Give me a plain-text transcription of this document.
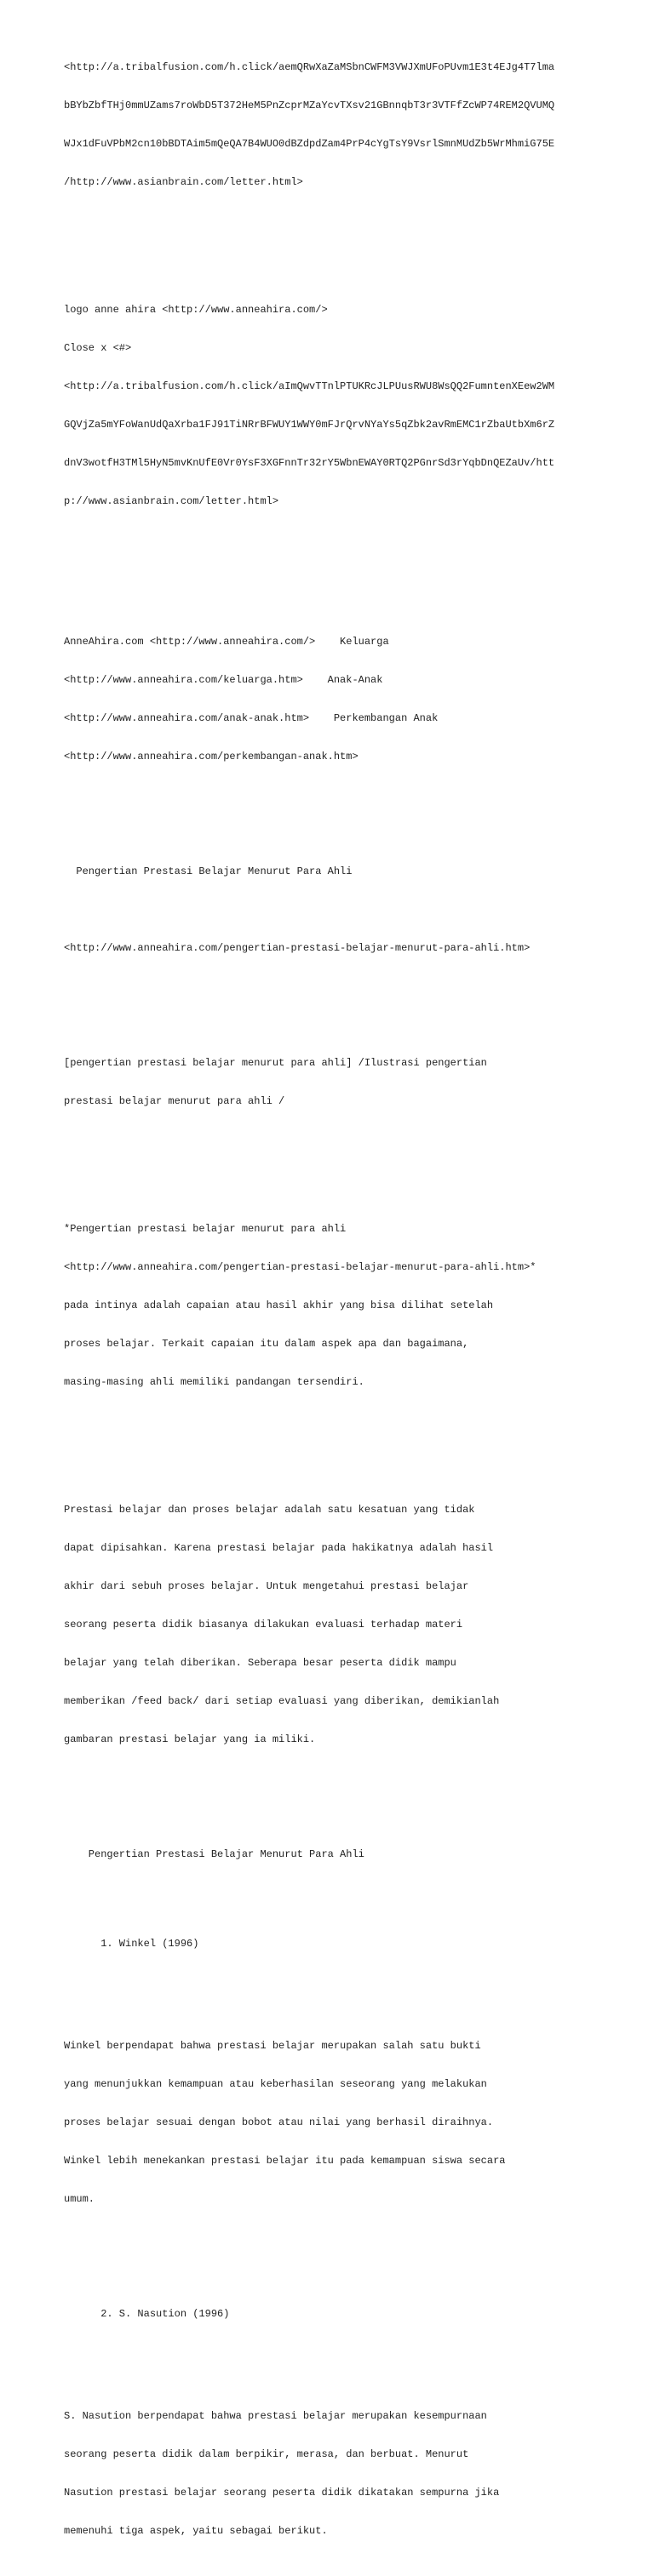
<http://a.tribalfusion.com/h.click/aemQRwXaZaMSbnCWFM3VWJXmUFoPUvm1E3t4EJg4T7lma

bBYbZbfTHj0mmUZams7roWbD5T372HeM5PnZcprMZaYcvTXsv21GBnnqbT3r3VTFfZcWP74REM2QVUMQ

WJx1dFuVPbM2cn10bBDTAim5mQeQA7B4WUO0dBZdpdZam4PrP4cYgTsY9VsrlSmnMUdZb5WrMhmiG75E

/http://www.asianbrain.com/letter.html>

logo anne ahira <http://www.anneahira.com/>

Close x <#>

<http://a.tribalfusion.com/h.click/aImQwvTTnlPTUKRcJLPUusRWU8WsQQ2FumntenXEew2WM

GQVjZa5mYFoWanUdQaXrba1FJ91TiNRrBFWUY1WWY0mFJrQrvNYaYs5qZbk2avRmEMC1rZbaUtbXm6rZ

dnV3wotfH3TMl5HyN5mvKnUfE0Vr0YsF3XGFnnTr32rY5WbnEWAY0RTQ2PGnrSd3rYqbDnQEZaUv/htt

p://www.asianbrain.com/letter.html>

AnneAhira.com <http://www.anneahira.com/>    Keluarga

<http://www.anneahira.com/keluarga.htm>    Anak-Anak

<http://www.anneahira.com/anak-anak.htm>    Perkembangan Anak

<http://www.anneahira.com/perkembangan-anak.htm>

Pengertian Prestasi Belajar Menurut Para Ahli

<http://www.anneahira.com/pengertian-prestasi-belajar-menurut-para-ahli.htm>

[pengertian prestasi belajar menurut para ahli] /Ilustrasi pengertian

prestasi belajar menurut para ahli /

*Pengertian prestasi belajar menurut para ahli

<http://www.anneahira.com/pengertian-prestasi-belajar-menurut-para-ahli.htm>*

pada intinya adalah capaian atau hasil akhir yang bisa dilihat setelah

proses belajar. Terkait capaian itu dalam aspek apa dan bagaimana,

masing-masing ahli memiliki pandangan tersendiri.

Prestasi belajar dan proses belajar adalah satu kesatuan yang tidak

dapat dipisahkan. Karena prestasi belajar pada hakikatnya adalah hasil

akhir dari sebuh proses belajar. Untuk mengetahui prestasi belajar

seorang peserta didik biasanya dilakukan evaluasi terhadap materi

belajar yang telah diberikan. Seberapa besar peserta didik mampu

memberikan /feed back/ dari setiap evaluasi yang diberikan, demikianlah

gambaran prestasi belajar yang ia miliki.

Pengertian Prestasi Belajar Menurut Para Ahli

1. Winkel (1996)

Winkel berpendapat bahwa prestasi belajar merupakan salah satu bukti

yang menunjukkan kemampuan atau keberhasilan seseorang yang melakukan

proses belajar sesuai dengan bobot atau nilai yang berhasil diraihnya.

Winkel lebih menekankan prestasi belajar itu pada kemampuan siswa secara

umum.

2. S. Nasution (1996)

S. Nasution berpendapat bahwa prestasi belajar merupakan kesempurnaan

seorang peserta didik dalam berpikir, merasa, dan berbuat. Menurut

Nasution prestasi belajar seorang peserta didik dikatakan sempurna jika

memenuhi tiga aspek, yaitu sebagai berikut.
